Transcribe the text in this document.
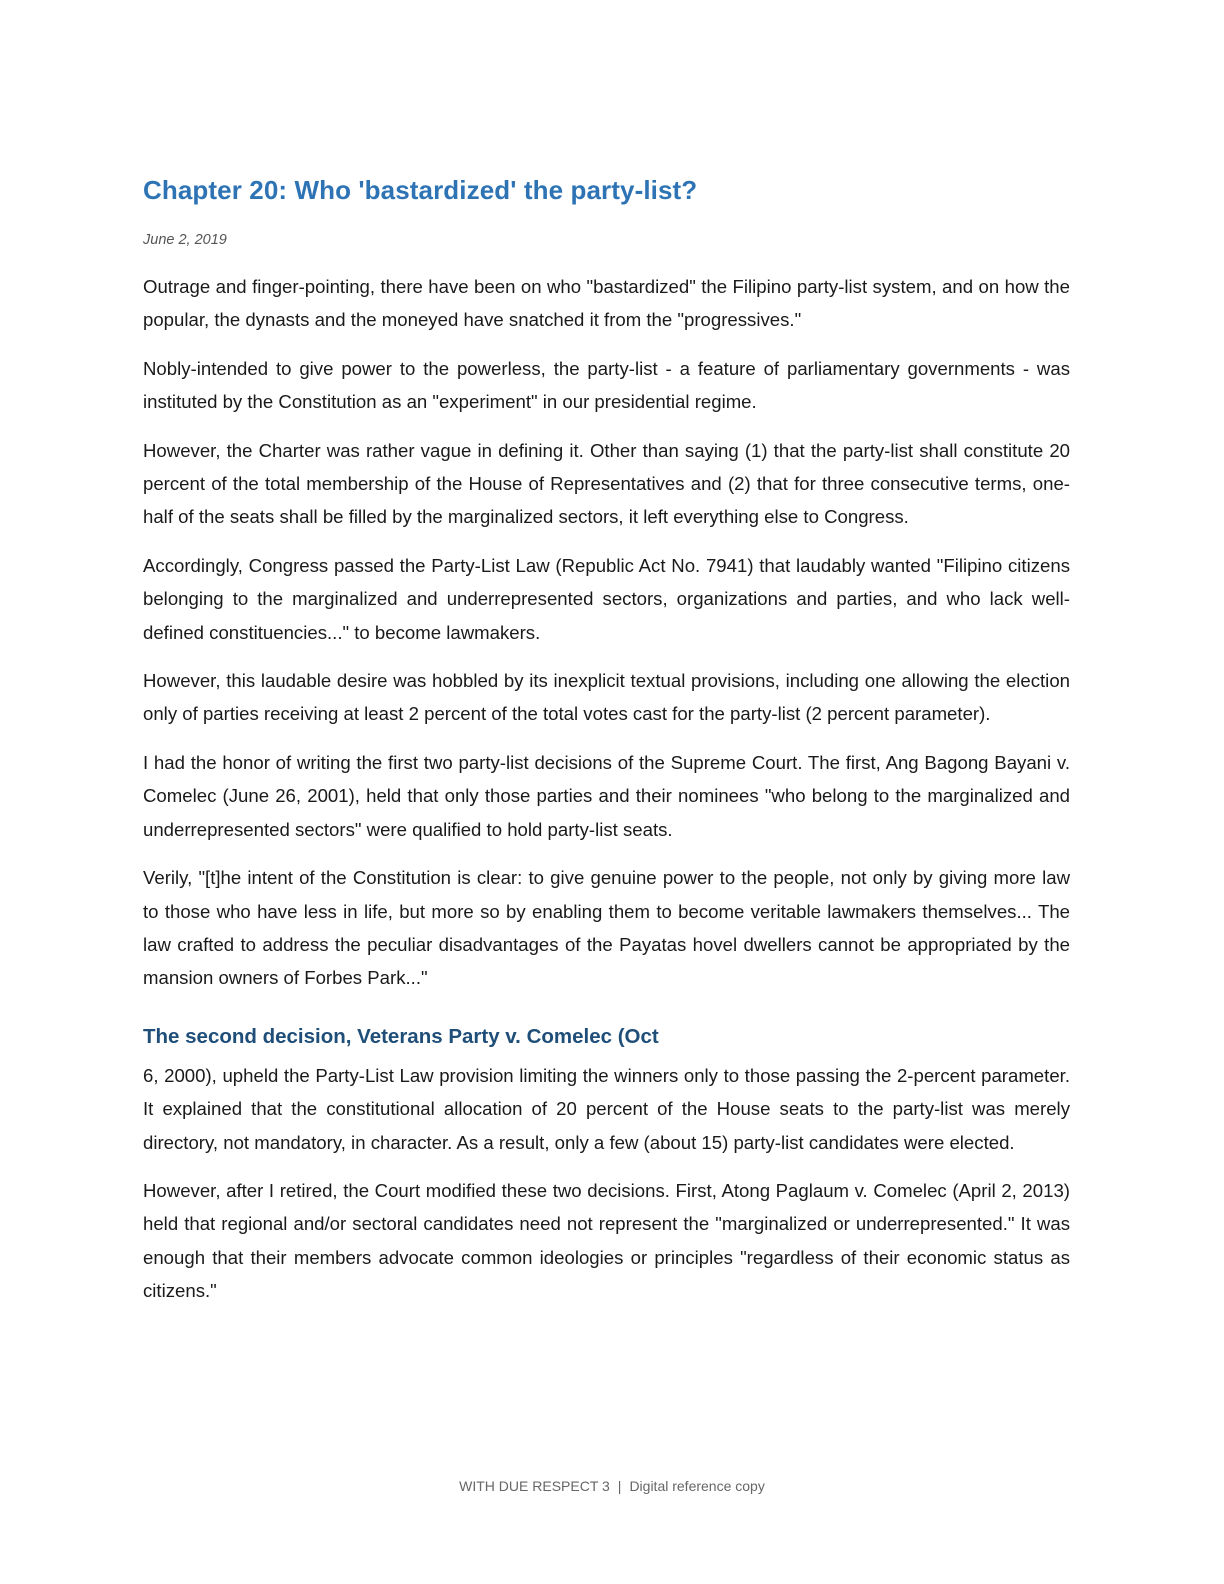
Chapter 20: Who 'bastardized' the party-list?
June 2, 2019

Outrage and finger-pointing, there have been on who "bastardized" the Filipino party-list system, and on how the popular, the dynasts and the moneyed have snatched it from the "progressives."

Nobly-intended to give power to the powerless, the party-list - a feature of parliamentary governments - was instituted by the Constitution as an "experiment" in our presidential regime.

However, the Charter was rather vague in defining it. Other than saying (1) that the party-list shall constitute 20 percent of the total membership of the House of Representatives and (2) that for three consecutive terms, one-half of the seats shall be filled by the marginalized sectors, it left everything else to Congress.

Accordingly, Congress passed the Party-List Law (Republic Act No. 7941) that laudably wanted "Filipino citizens belonging to the marginalized and underrepresented sectors, organizations and parties, and who lack well-defined constituencies..." to become lawmakers.

However, this laudable desire was hobbled by its inexplicit textual provisions, including one allowing the election only of parties receiving at least 2 percent of the total votes cast for the party-list (2 percent parameter).

I had the honor of writing the first two party-list decisions of the Supreme Court. The first, Ang Bagong Bayani v. Comelec (June 26, 2001), held that only those parties and their nominees "who belong to the marginalized and underrepresented sectors" were qualified to hold party-list seats.

Verily, "[t]he intent of the Constitution is clear: to give genuine power to the people, not only by giving more law to those who have less in life, but more so by enabling them to become veritable lawmakers themselves... The law crafted to address the peculiar disadvantages of the Payatas hovel dwellers cannot be appropriated by the mansion owners of Forbes Park..."

The second decision, Veterans Party v. Comelec (Oct

6, 2000), upheld the Party-List Law provision limiting the winners only to those passing the 2-percent parameter. It explained that the constitutional allocation of 20 percent of the House seats to the party-list was merely directory, not mandatory, in character. As a result, only a few (about 15) party-list candidates were elected.

However, after I retired, the Court modified these two decisions. First, Atong Paglaum v. Comelec (April 2, 2013) held that regional and/or sectoral candidates need not represent the "marginalized or underrepresented." It was enough that their members advocate common ideologies or principles "regardless of their economic status as citizens."

WITH DUE RESPECT 3 | Digital reference copy
